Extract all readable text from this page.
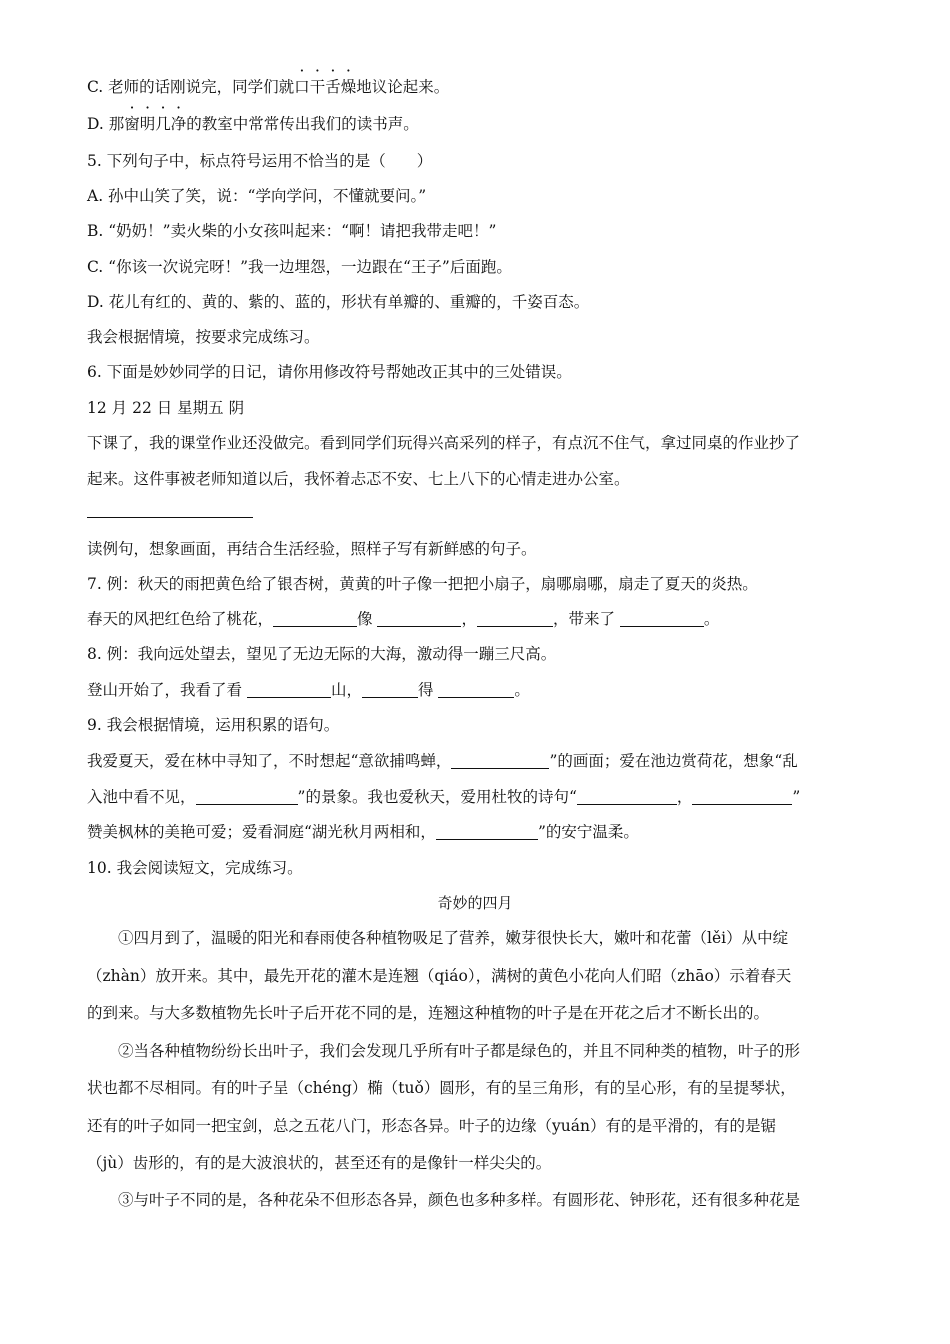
C. 老师的话刚说完，同学们就口干舌燥地议论起来。
D. 那窗明几净的教室中常常传出我们的读书声。
5. 下列句子中，标点符号运用不恰当的是（　　）
A. 孙中山笑了笑，说：“学向学问，不懂就要问。”
B. “奶奶！”卖火柴的小女孩叫起来：“啊！请把我带走吧！”
C. “你该一次说完呀！”我一边埋怨，一边跟在“王子”后面跑。
D. 花儿有红的、黄的、紫的、蓝的，形状有单瓣的、重瓣的，千姿百态。
我会根据情境，按要求完成练习。
6. 下面是妙妙同学的日记，请你用修改符号帮她改正其中的三处错误。
12 月 22 日 星期五 阴
下课了，我的课堂作业还没做完。看到同学们玩得兴高采列的样子，有点沉不住气，拿过同桌的作业抄了
起来。这件事被老师知道以后，我怀着忐忑不安、七上八下的心情走进办公室。
读例句，想象画面，再结合生活经验，照样子写有新鲜感的句子。
7. 例：秋天的雨把黄色给了银杏树，黄黄的叶子像一把把小扇子，扇哪扇哪，扇走了夏天的炎热。
春天的风把红色给了桃花，	像	，	，带来了	。
8. 例：我向远处望去，望见了无边无际的大海，激动得一蹦三尺高。
登山开始了，我看了看	山，	得	。
9. 我会根据情境，运用积累的语句。
我爱夏天，爱在林中寻知了，不时想起“意欲捕鸣蝉，	”的画面；爱在池边赏荷花，想象“乱
入池中看不见，	”的景象。我也爱秋天，爱用杜牧的诗句“	，	”
赞美枫林的美艳可爱；爱看洞庭“湖光秋月两相和，	”的安宁温柔。
10. 我会阅读短文，完成练习。
奇妙的四月
①四月到了，温暖的阳光和春雨使各种植物吸足了营养，嫩芽很快长大，嫩叶和花蕾（lěi）从中绽
（zhàn）放开来。其中，最先开花的灌木是连翘（qiáo），满树的黄色小花向人们昭（zhāo）示着春天
的到来。与大多数植物先长叶子后开花不同的是，连翘这种植物的叶子是在开花之后才不断长出的。
②当各种植物纷纷长出叶子，我们会发现几乎所有叶子都是绿色的，并且不同种类的植物，叶子的形
状也都不尽相同。有的叶子呈（chéng）椭（tuǒ）圆形，有的呈三角形，有的呈心形，有的呈提琴状，
还有的叶子如同一把宝剑，总之五花八门，形态各异。叶子的边缘（yuán）有的是平滑的，有的是锯
（jù）齿形的，有的是大波浪状的，甚至还有的是像针一样尖尖的。
③与叶子不同的是，各种花朵不但形态各异，颜色也多种多样。有圆形花、钟形花，还有很多种花是
